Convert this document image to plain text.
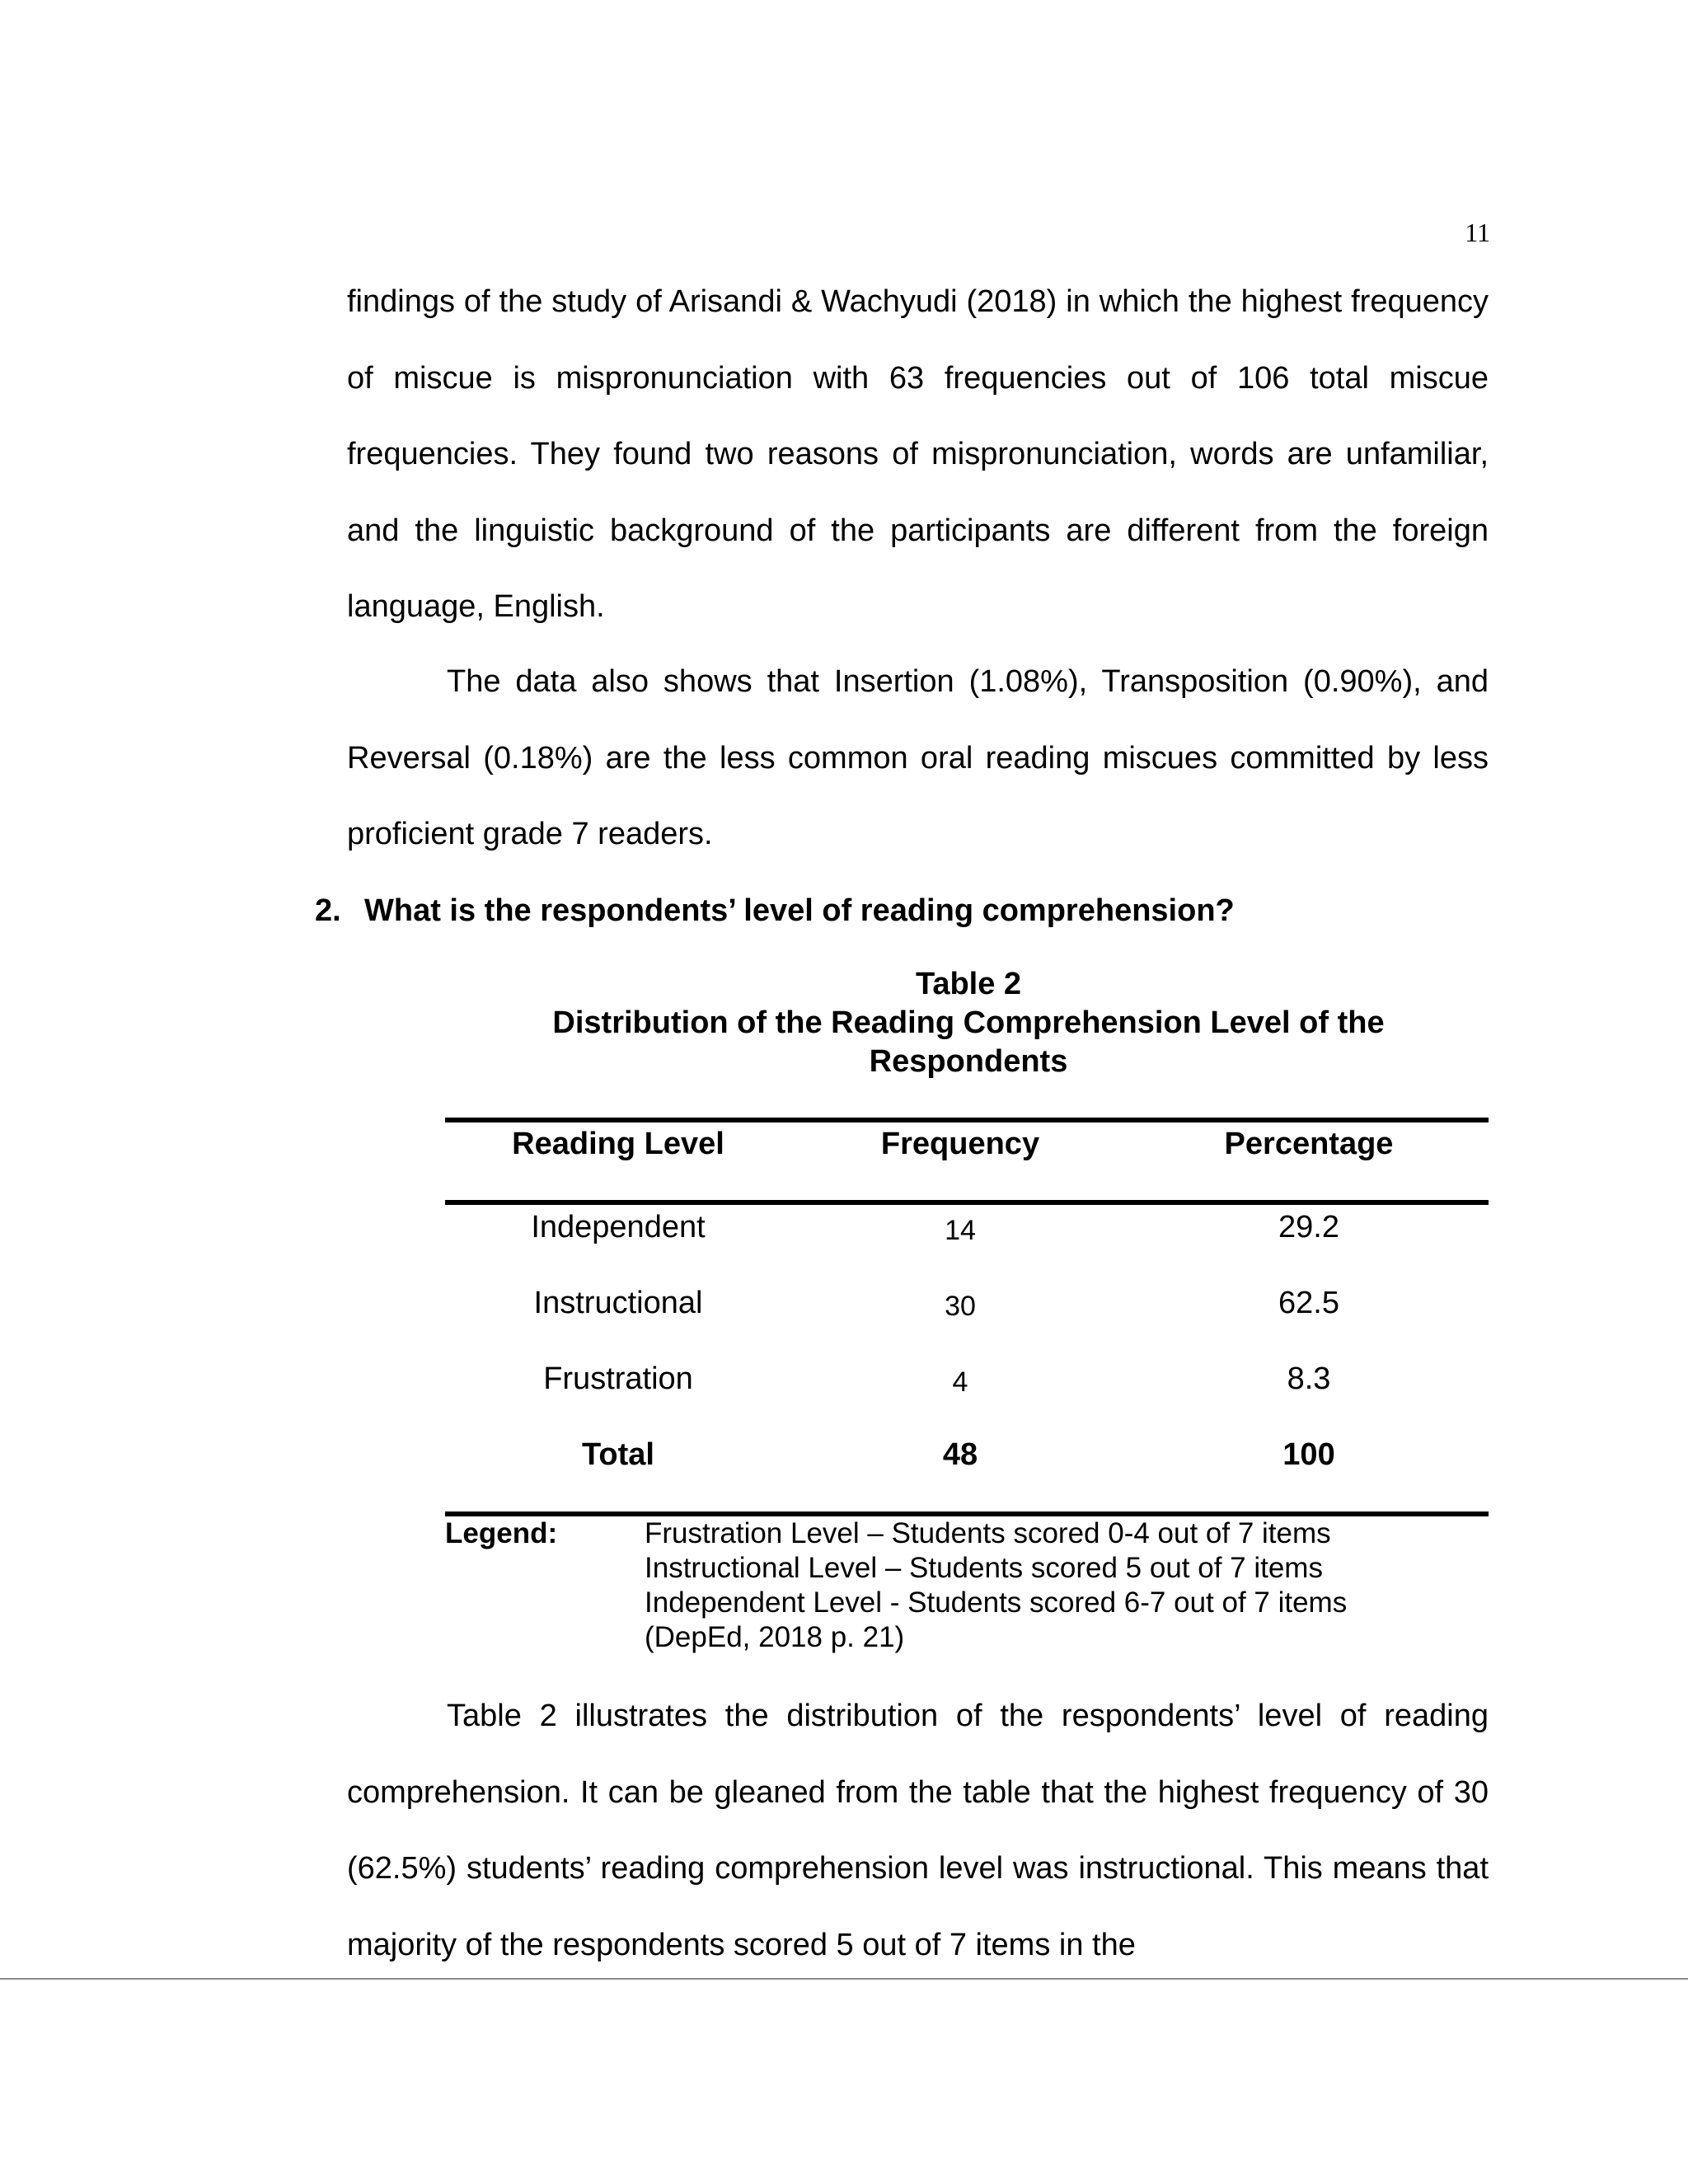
11

findings of the study of Arisandi & Wachyudi (2018) in which the highest frequency of miscue is mispronunciation with 63 frequencies out of 106 total miscue frequencies. They found two reasons of mispronunciation, words are unfamiliar, and the linguistic background of the participants are different from the foreign language, English.

The data also shows that Insertion (1.08%), Transposition (0.90%), and Reversal (0.18%) are the less common oral reading miscues committed by less proficient grade 7 readers.

2. What is the respondents’ level of reading comprehension?

Table 2
Distribution of the Reading Comprehension Level of the Respondents
Reading Level	Frequency	Percentage
Independent	14	29.2
Instructional	30	62.5
Frustration	4	8.3
Total	48	100
Legend:	Frustration Level – Students scored 0-4 out of 7 items
Instructional Level – Students scored 5 out of 7 items
Independent Level - Students scored 6-7 out of 7 items
(DepEd, 2018 p. 21)

Table 2 illustrates the distribution of the respondents’ level of reading comprehension. It can be gleaned from the table that the highest frequency of 30 (62.5%) students’ reading comprehension level was instructional. This means that majority of the respondents scored 5 out of 7 items in the
